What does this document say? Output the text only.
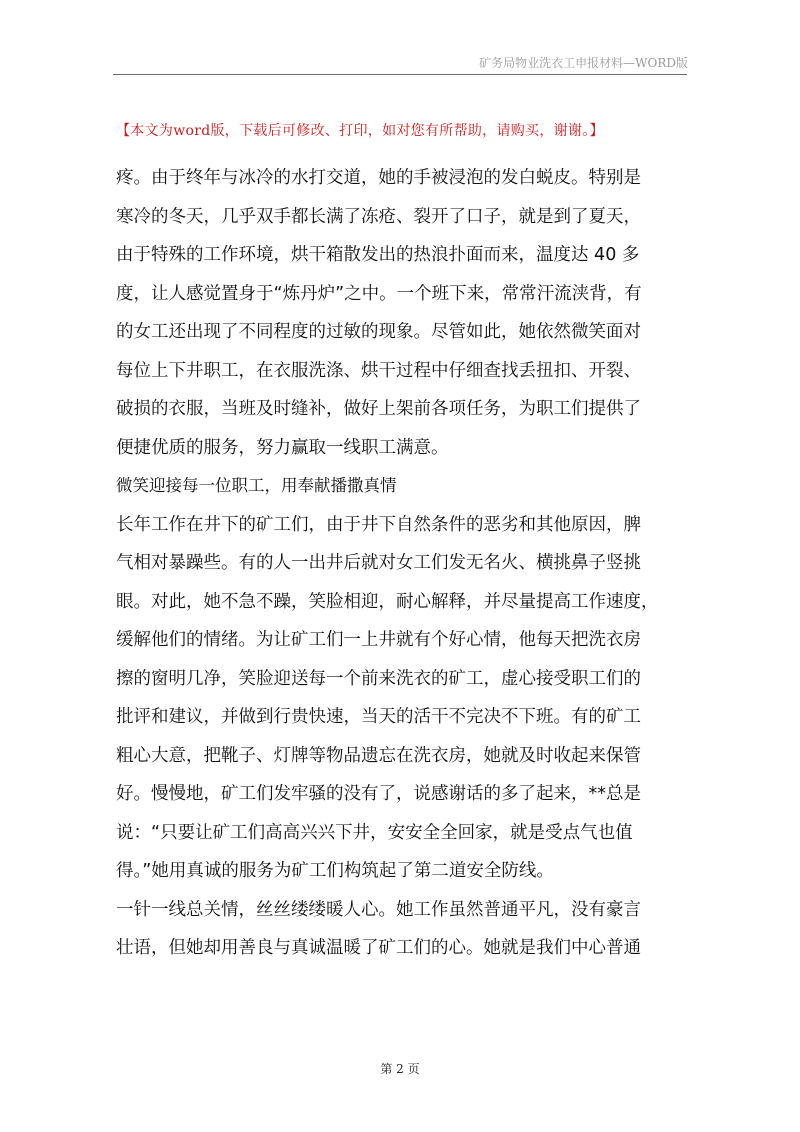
矿务局物业洗衣工申报材料—WORD版
【本文为word版，下载后可修改、打印，如对您有所帮助，请购买，谢谢。】
疼。由于终年与冰冷的水打交道，她的手被浸泡的发白蜕皮。特别是
寒冷的冬天，几乎双手都长满了冻疮、裂开了口子，就是到了夏天，
由于特殊的工作环境，烘干箱散发出的热浪扑面而来，温度达 40 多
度，让人感觉置身于“炼丹炉”之中。一个班下来，常常汗流浃背，有
的女工还出现了不同程度的过敏的现象。尽管如此，她依然微笑面对
每位上下井职工，在衣服洗涤、烘干过程中仔细查找丢扭扣、开裂、
破损的衣服，当班及时缝补，做好上架前各项任务，为职工们提供了
便捷优质的服务，努力赢取一线职工满意。
微笑迎接每一位职工，用奉献播撒真情
长年工作在井下的矿工们，由于井下自然条件的恶劣和其他原因，脾
气相对暴躁些。有的人一出井后就对女工们发无名火、横挑鼻子竖挑
眼。对此，她不急不躁，笑脸相迎，耐心解释，并尽量提高工作速度，
缓解他们的情绪。为让矿工们一上井就有个好心情，他每天把洗衣房
擦的窗明几净，笑脸迎送每一个前来洗衣的矿工，虚心接受职工们的
批评和建议，并做到行贵快速，当天的活干不完决不下班。有的矿工
粗心大意，把靴子、灯牌等物品遗忘在洗衣房，她就及时收起来保管
好。慢慢地，矿工们发牢骚的没有了，说感谢话的多了起来，**总是
说：“只要让矿工们高高兴兴下井，安安全全回家，就是受点气也值
得。”她用真诚的服务为矿工们构筑起了第二道安全防线。
一针一线总关情，丝丝缕缕暖人心。她工作虽然普通平凡，没有豪言
壮语，但她却用善良与真诚温暖了矿工们的心。她就是我们中心普通
第 2 页
